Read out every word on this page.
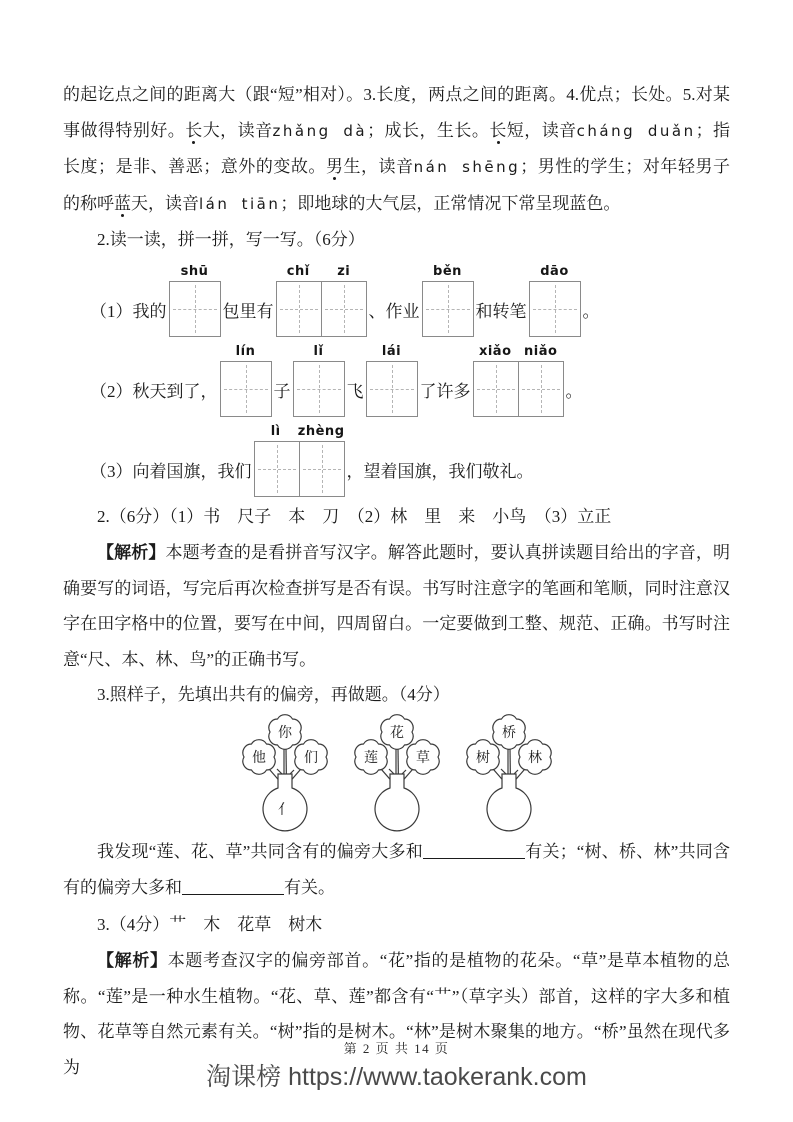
的起讫点之间的距离大（跟“短”相对）。3.长度，两点之间的距离。4.优点；长处。5.对某事做得特别好。长大，读音zhǎng dà；成长，生长。长短，读音cháng duǎn；指长度；是非、善恶；意外的变故。男生，读音nán shēng；男性的学生；对年轻男子的称呼蓝天，读音lán tiān；即地球的大气层，正常情况下常呈现蓝色。

2.读一读，拼一拼，写一写。（6分）

（1）我的
shū
包里有
chǐ	zi
、作业
běn
和转笔
dāo
。
（2）秋天到了，
lín
子
lǐ
飞
lái
了许多
xiǎo niǎo
。
（3）向着国旗，我们
lì	zhèng
，望着国旗，我们敬礼。

2.（6分）（1）书　尺子　本　刀　（2）林　里　来　小鸟　（3）立正

【解析】本题考查的是看拼音写汉字。解答此题时，要认真拼读题目给出的字音，明确要写的词语，写完后再次检查拼写是否有误。书写时注意字的笔画和笔顺，同时注意汉字在田字格中的位置，要写在中间，四周留白。一定要做到工整、规范、正确。书写时注意“尺、本、林、鸟”的正确书写。

3.照样子，先填出共有的偏旁，再做题。（4分）

你
他	们
亻
花
莲	草
桥
树	林

我发现“莲、花、草”共同含有的偏旁大多和	有关；“树、桥、林”共同含有的偏旁大多和	有关。

3.（4分）艹　木　花草　树木

【解析】本题考查汉字的偏旁部首。“花”指的是植物的花朵。“草”是草本植物的总称。“莲”是一种水生植物。“花、草、莲”都含有“艹”（草字头）部首，这样的字大多和植物、花草等自然元素有关。“树”指的是树木。“林”是树木聚集的地方。“桥”虽然在现代多为

第 2 页 共 14 页
淘课榜 https://www.taokerank.com
